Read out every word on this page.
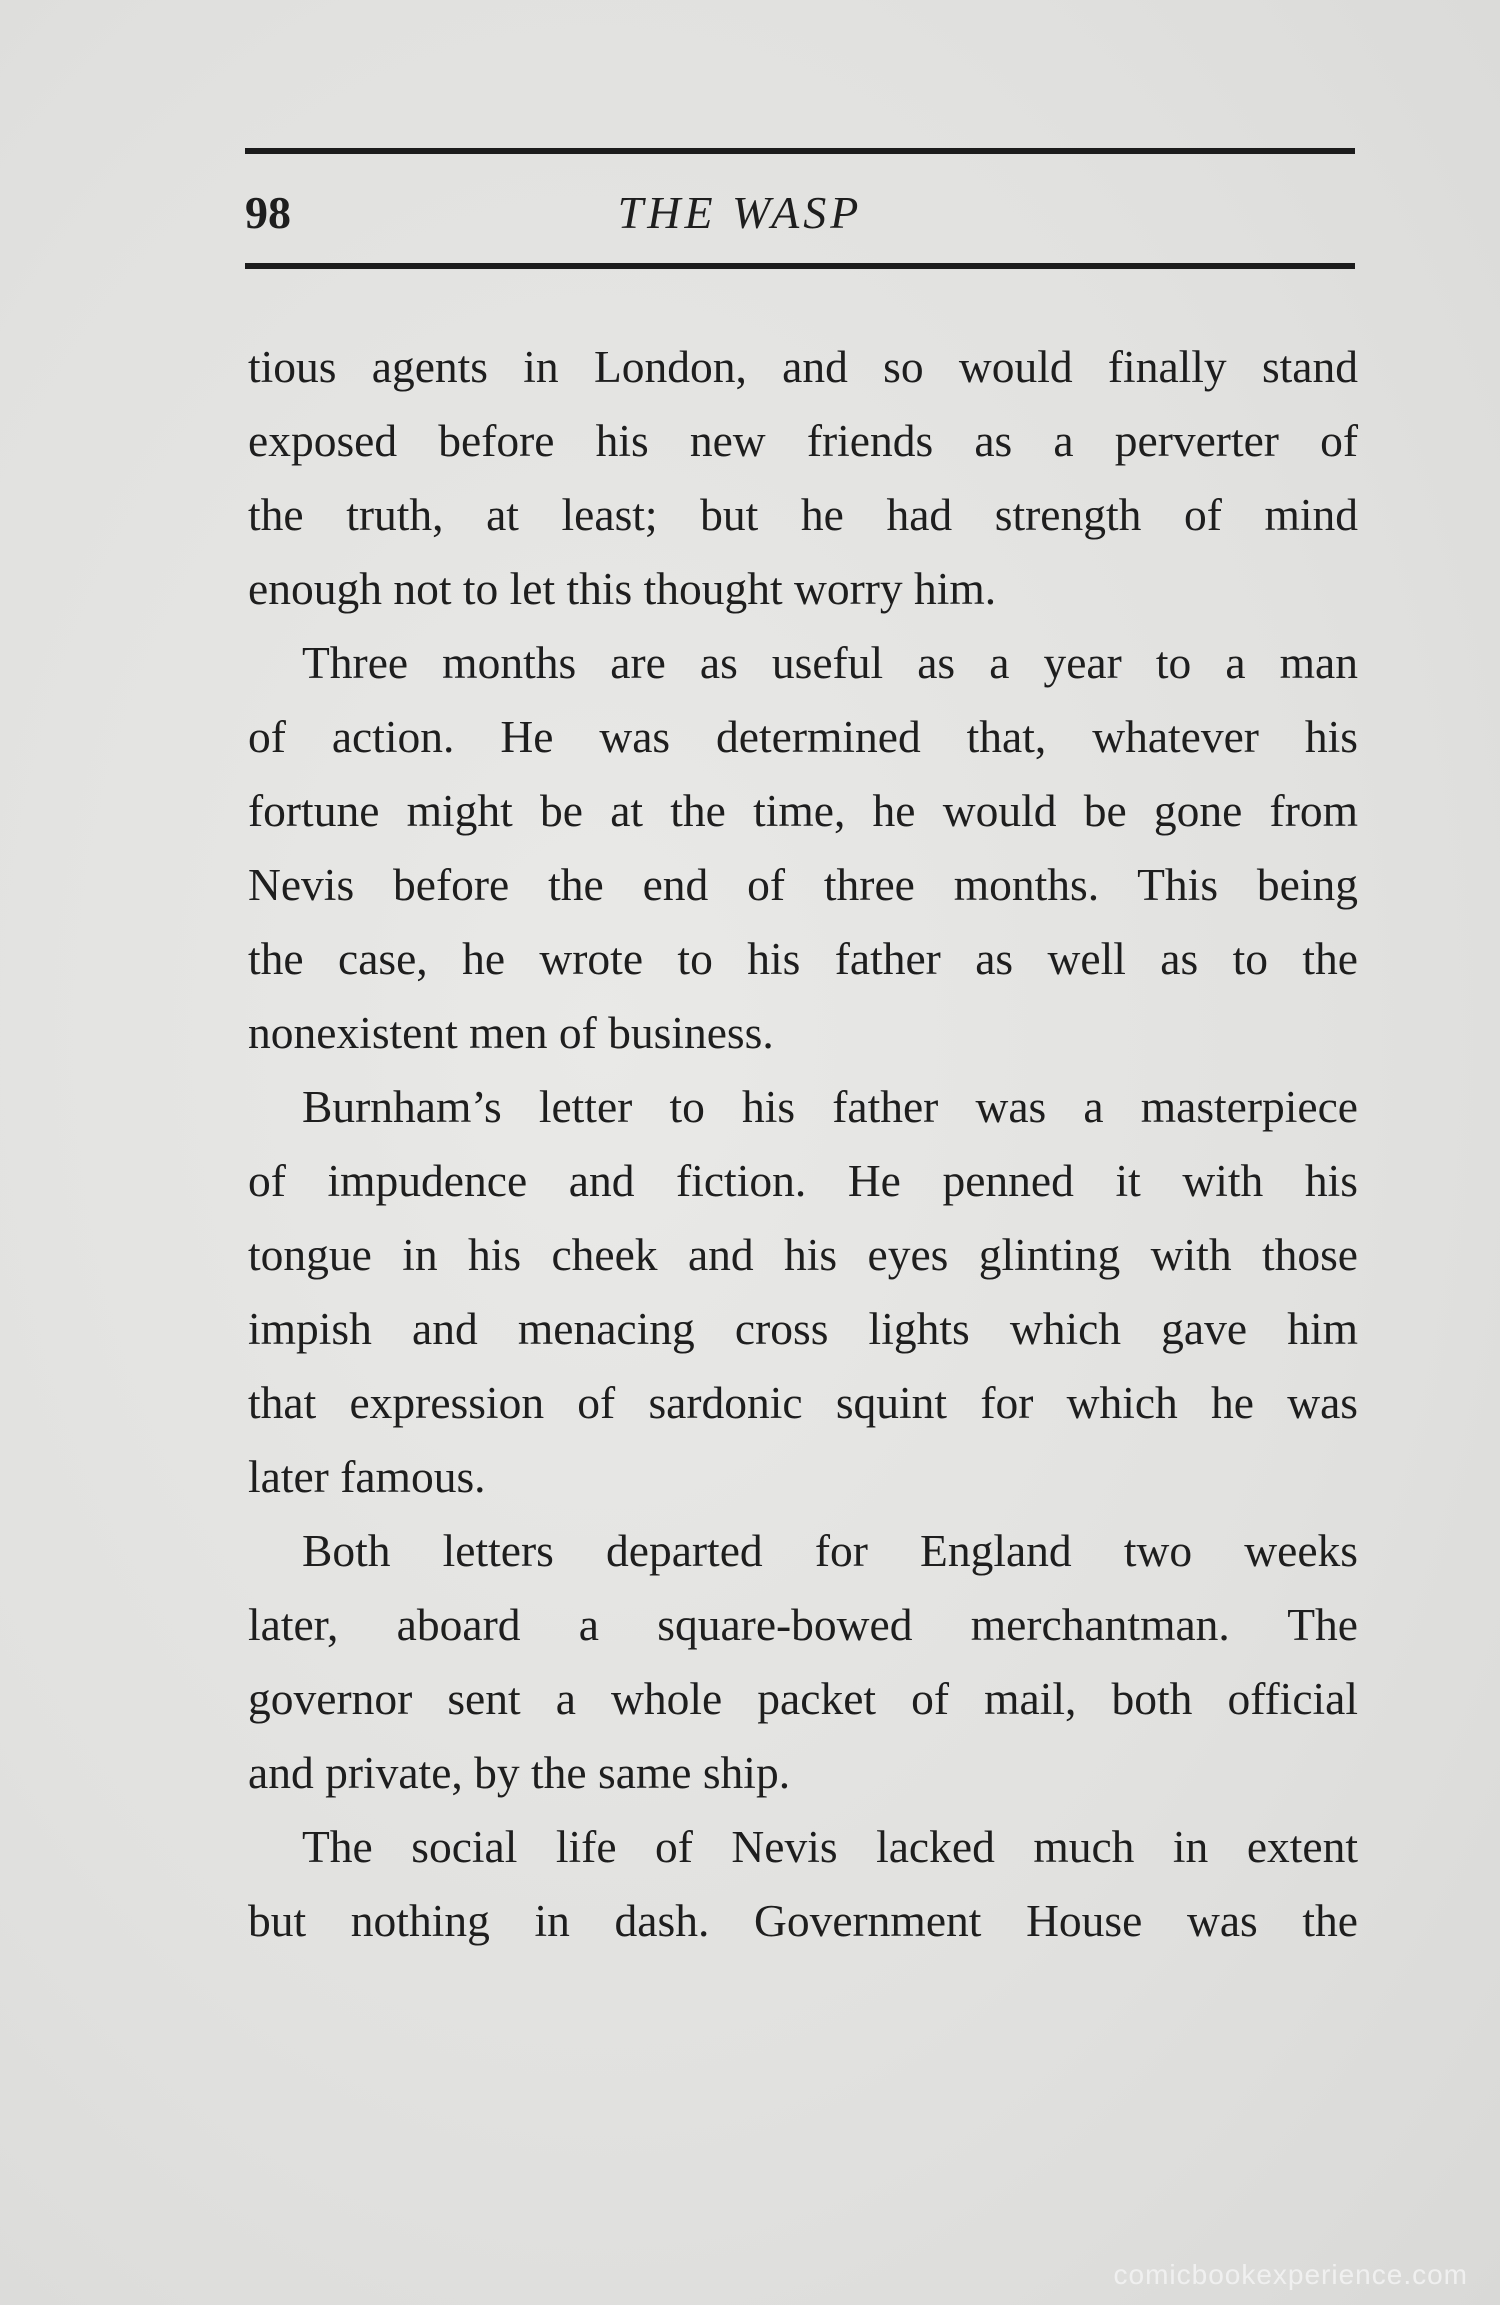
98	THE WASP
tious agents in London, and so would finally stand
exposed before his new friends as a perverter of
the truth, at least; but he had strength of mind
enough not to let this thought worry him.
Three months are as useful as a year to a man
of action. He was determined that, whatever his
fortune might be at the time, he would be gone from
Nevis before the end of three months. This being
the case, he wrote to his father as well as to the
nonexistent men of business.
Burnham’s letter to his father was a masterpiece
of impudence and fiction. He penned it with his
tongue in his cheek and his eyes glinting with those
impish and menacing cross lights which gave him
that expression of sardonic squint for which he was
later famous.
Both letters departed for England two weeks
later, aboard a square-bowed merchantman. The
governor sent a whole packet of mail, both official
and private, by the same ship.
The social life of Nevis lacked much in extent
but nothing in dash. Government House was the
comicbookexperience.com
